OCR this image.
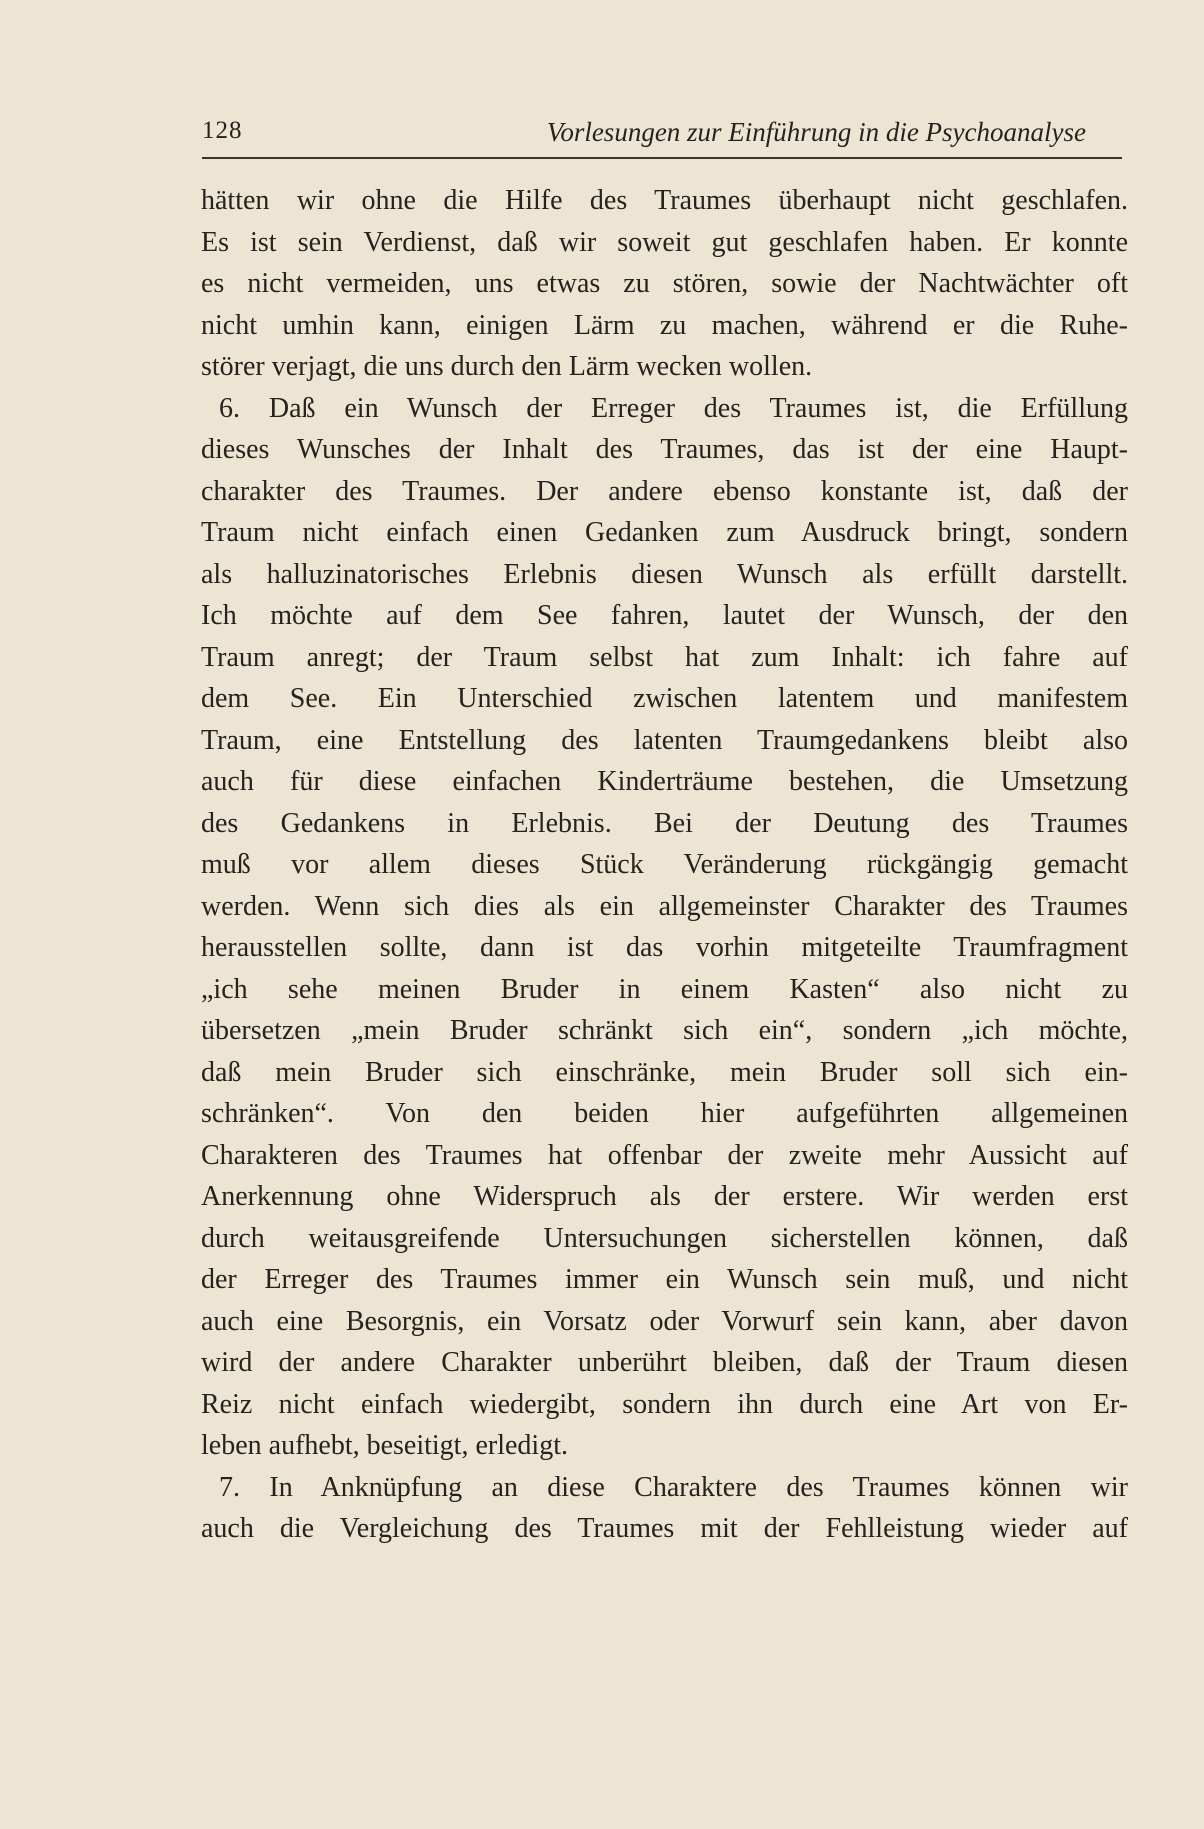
128	Vorlesungen zur Einführung in die Psychoanalyse
hätten wir ohne die Hilfe des Traumes überhaupt nicht geschlafen.
Es ist sein Verdienst, daß wir soweit gut geschlafen haben. Er konnte
es nicht vermeiden, uns etwas zu stören, sowie der Nachtwächter oft
nicht umhin kann, einigen Lärm zu machen, während er die Ruhe-
störer verjagt, die uns durch den Lärm wecken wollen.
6. Daß ein Wunsch der Erreger des Traumes ist, die Erfüllung
dieses Wunsches der Inhalt des Traumes, das ist der eine Haupt-
charakter des Traumes. Der andere ebenso konstante ist, daß der
Traum nicht einfach einen Gedanken zum Ausdruck bringt, sondern
als halluzinatorisches Erlebnis diesen Wunsch als erfüllt darstellt.
Ich möchte auf dem See fahren, lautet der Wunsch, der den
Traum anregt; der Traum selbst hat zum Inhalt: ich fahre auf
dem See. Ein Unterschied zwischen latentem und manifestem
Traum, eine Entstellung des latenten Traumgedankens bleibt also
auch für diese einfachen Kinderträume bestehen, die Umsetzung
des Gedankens in Erlebnis. Bei der Deutung des Traumes
muß vor allem dieses Stück Veränderung rückgängig gemacht
werden. Wenn sich dies als ein allgemeinster Charakter des Traumes
herausstellen sollte, dann ist das vorhin mitgeteilte Traumfragment
„ich sehe meinen Bruder in einem Kasten“ also nicht zu
übersetzen „mein Bruder schränkt sich ein“, sondern „ich möchte,
daß mein Bruder sich einschränke, mein Bruder soll sich ein-
schränken“. Von den beiden hier aufgeführten allgemeinen
Charakteren des Traumes hat offenbar der zweite mehr Aussicht auf
Anerkennung ohne Widerspruch als der erstere. Wir werden erst
durch weitausgreifende Untersuchungen sicherstellen können, daß
der Erreger des Traumes immer ein Wunsch sein muß, und nicht
auch eine Besorgnis, ein Vorsatz oder Vorwurf sein kann, aber davon
wird der andere Charakter unberührt bleiben, daß der Traum diesen
Reiz nicht einfach wiedergibt, sondern ihn durch eine Art von Er-
leben aufhebt, beseitigt, erledigt.
7. In Anknüpfung an diese Charaktere des Traumes können wir
auch die Vergleichung des Traumes mit der Fehlleistung wieder auf
